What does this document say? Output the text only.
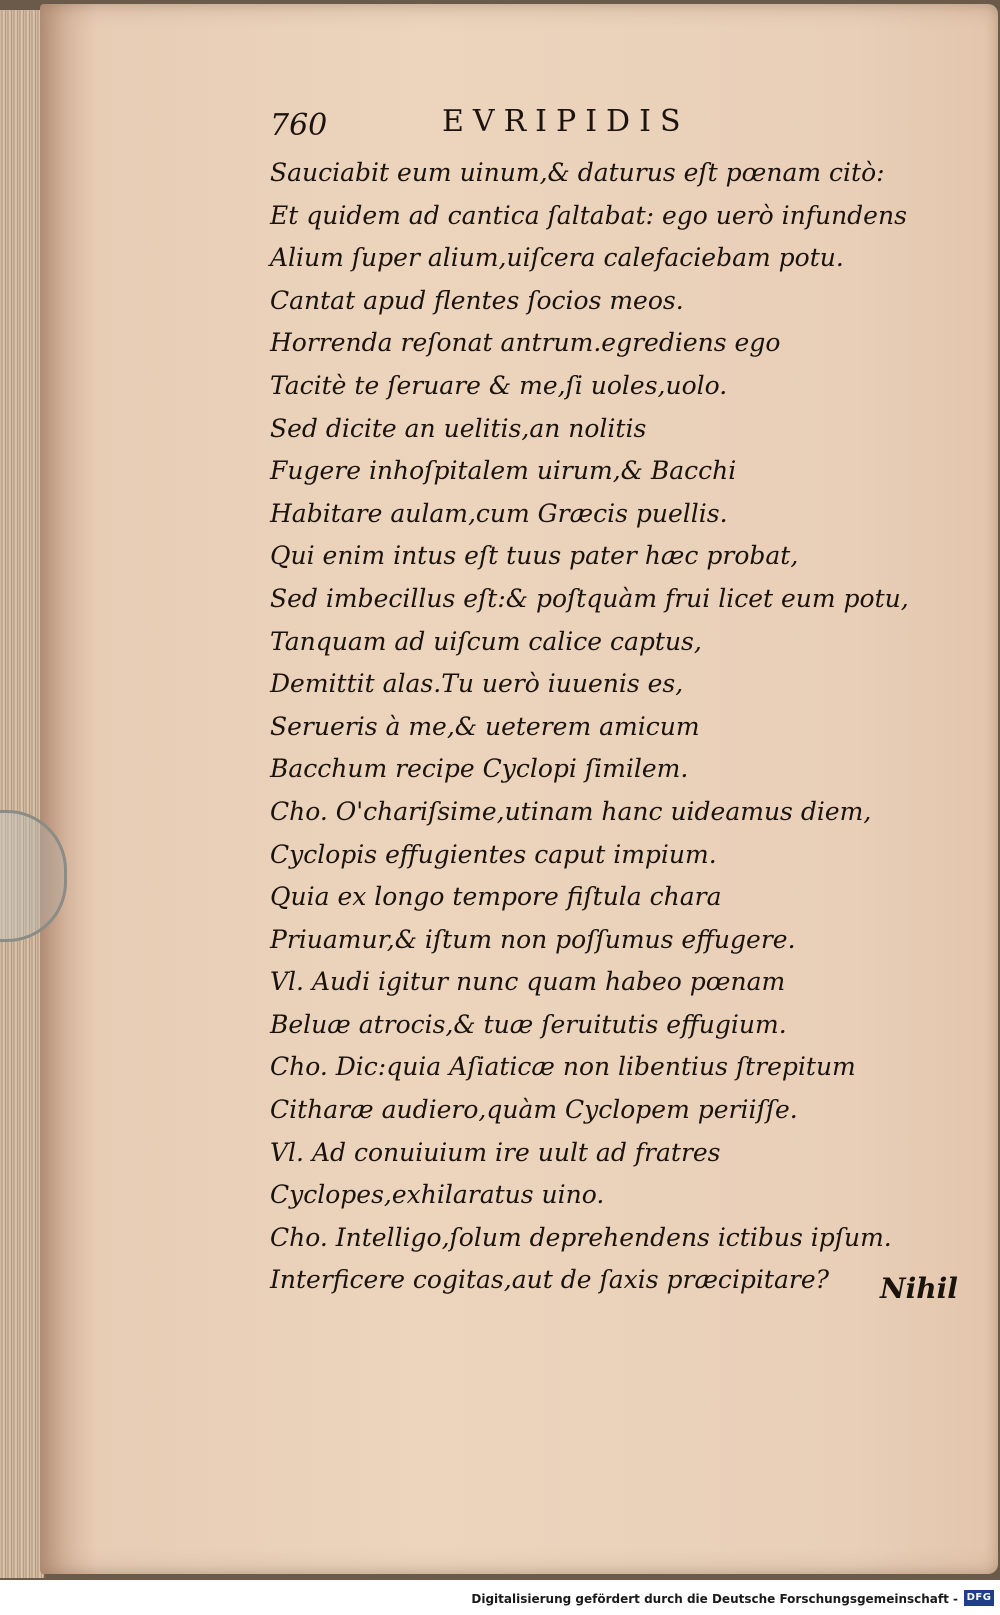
760	EVRIPIDIS
Sauciabit eum uinum,& daturus eſt pœnam citò:
Et quidem ad cantica ſaltabat: ego uerò infundens
Alium ſuper alium,uiſcera calefaciebam potu.
Cantat apud flentes ſocios meos.
Horrenda reſonat antrum.egrediens ego
Tacitè te ſeruare & me,ſi uoles,uolo.
Sed dicite an uelitis,an nolitis
Fugere inhoſpitalem uirum,& Bacchi
Habitare aulam,cum Græcis puellis.
Qui enim intus eſt tuus pater hæc probat,
Sed imbecillus eſt:& poſtquàm frui licet eum potu,
Tanquam ad uiſcum calice captus,
Demittit alas.Tu uerò iuuenis es,
Serueris à me,& ueterem amicum
Bacchum recipe Cyclopi ſimilem.
Cho. O'chariſsime,utinam hanc uideamus diem,
Cyclopis effugientes caput impium.
Quia ex longo tempore fiſtula chara
Priuamur,& iſtum non poſſumus effugere.
Vl. Audi igitur nunc quam habeo pœnam
Beluæ atrocis,& tuæ ſeruitutis effugium.
Cho. Dic:quia Aſiaticæ non libentius ſtrepitum
Citharæ audiero,quàm Cyclopem periiſſe.
Vl. Ad conuiuium ire uult ad fratres
Cyclopes,exhilaratus uino.
Cho. Intelligo,ſolum deprehendens ictibus ipſum.
Interficere cogitas,aut de ſaxis præcipitare?	Nihil
Digitalisierung gefördert durch die Deutsche Forschungsgemeinschaft - DFG
